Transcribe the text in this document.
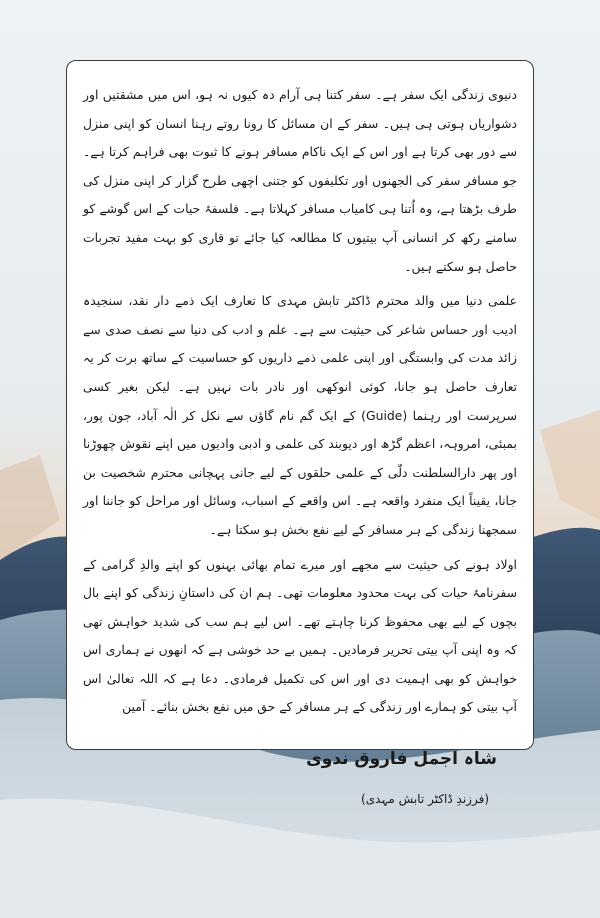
دنیوی زندگی ایک سفر ہے۔ سفر کتنا ہی آرام دہ کیوں نہ ہو، اس میں مشقتیں اور دشواریاں ہوتی ہی ہیں۔ سفر کے ان مسائل کا رونا روتے رہنا انسان کو اپنی منزل سے دور بھی کرتا ہے اور اس کے ایک ناکام مسافر ہونے کا ثبوت بھی فراہم کرتا ہے۔ جو مسافر سفر کی الجھنوں اور تکلیفوں کو جتنی اچھی طرح گزار کر اپنی منزل کی طرف بڑھتا ہے، وہ اُتنا ہی کامیاب مسافر کہلاتا ہے۔ فلسفۂ حیات کے اس گوشے کو سامنے رکھ کر انسانی آپ بیتیوں کا مطالعہ کیا جائے تو قاری کو بہت مفید تجربات حاصل ہو سکتے ہیں۔

علمی دنیا میں والد محترم ڈاکٹر تابش مہدی کا تعارف ایک ذمے دار نقد، سنجیدہ ادیب اور حساس شاعر کی حیثیت سے ہے۔ علم و ادب کی دنیا سے نصف صدی سے زائد مدت کی وابستگی اور اپنی علمی ذمے داریوں کو حساسیت کے ساتھ برت کر یہ تعارف حاصل ہو جانا، کوئی انوکھی اور نادر بات نہیں ہے۔ لیکن بغیر کسی سرپرست اور رہنما (Guide) کے ایک گم نام گاؤں سے نکل کر الٰہ آباد، جون پور، بمبئی، امروہہ، اعظم گڑھ اور دیوبند کی علمی و ادبی وادیوں میں اپنے نقوش چھوڑنا اور پھر دارالسلطنت دلّی کے علمی حلقوں کے لیے جانی پہچانی محترم شخصیت بن جانا، یقیناً ایک منفرد واقعہ ہے۔ اس واقعے کے اسباب، وسائل اور مراحل کو جاننا اور سمجھنا زندگی کے ہر مسافر کے لیے نفع بخش ہو سکتا ہے۔

اولاد ہونے کی حیثیت سے مجھے اور میرے تمام بھائی بہنوں کو اپنے والدِ گرامی کے سفرنامۂ حیات کی بہت محدود معلومات تھی۔ ہم ان کی داستانِ زندگی کو اپنے بال بچوں کے لیے بھی محفوظ کرنا چاہتے تھے۔ اس لیے ہم سب کی شدید خواہش تھی کہ وہ اپنی آپ بیتی تحریر فرمادیں۔ ہمیں بے حد خوشی ہے کہ انھوں نے ہماری اس خواہش کو بھی اہمیت دی اور اس کی تکمیل فرمادی۔ دعا ہے کہ اللہ تعالیٰ اس آپ بیتی کو ہمارے اور زندگی کے ہر مسافر کے حق میں نفع بخش بنائے۔ آمین

شاہ اجمل فاروق ندوی
(فرزندِ ڈاکٹر تابش مہدی)
